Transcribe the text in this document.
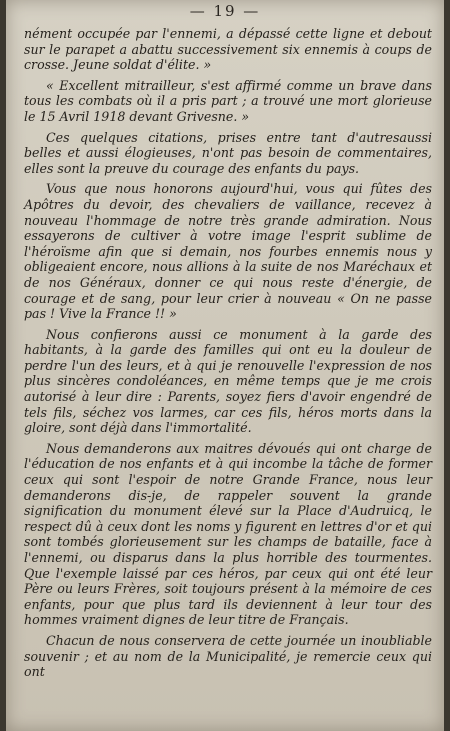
— 19 —

nément occupée par l'ennemi, a dépassé cette ligne et debout sur le parapet a abattu successivement six ennemis à coups de crosse. Jeune soldat d'élite. »

« Excellent mitrailleur, s'est affirmé comme un brave dans tous les combats où il a pris part ; a trouvé une mort glorieuse le 15 Avril 1918 devant Grivesne. »

Ces quelques citations, prises entre tant d'autresaussi belles et aussi élogieuses, n'ont pas besoin de commentaires, elles sont la preuve du courage des enfants du pays.

Vous que nous honorons aujourd'hui, vous qui fûtes des Apôtres du devoir, des chevaliers de vaillance, recevez à nouveau l'hommage de notre très grande admiration. Nous essayerons de cultiver à votre image l'esprit sublime de l'héroïsme afin que si demain, nos fourbes ennemis nous y obligeaient encore, nous allions à la suite de nos Maréchaux et de nos Généraux, donner ce qui nous reste d'énergie, de courage et de sang, pour leur crier à nouveau « On ne passe pas ! Vive la France !! »

Nous confierons aussi ce monument à la garde des habitants, à la garde des familles qui ont eu la douleur de perdre l'un des leurs, et à qui je renouvelle l'expression de nos plus sincères condoléances, en même temps que je me crois autorisé à leur dire : Parents, soyez fiers d'avoir engendré de tels fils, séchez vos larmes, car ces fils, héros morts dans la gloire, sont déjà dans l'immortalité.

Nous demanderons aux maitres dévoués qui ont charge de l'éducation de nos enfants et à qui incombe la tâche de former ceux qui sont l'espoir de notre Grande France, nous leur demanderons dis-je, de rappeler souvent la grande signification du monument élevé sur la Place d'Audruicq, le respect dû à ceux dont les noms y figurent en lettres d'or et qui sont tombés glorieusement sur les champs de bataille, face à l'ennemi, ou disparus dans la plus horrible des tourmentes. Que l'exemple laissé par ces héros, par ceux qui ont été leur Père ou leurs Frères, soit toujours présent à la mémoire de ces enfants, pour que plus tard ils deviennent à leur tour des hommes vraiment dignes de leur titre de Français.

Chacun de nous conservera de cette journée un inoubliable souvenir ; et au nom de la Municipalité, je remercie ceux qui ont
